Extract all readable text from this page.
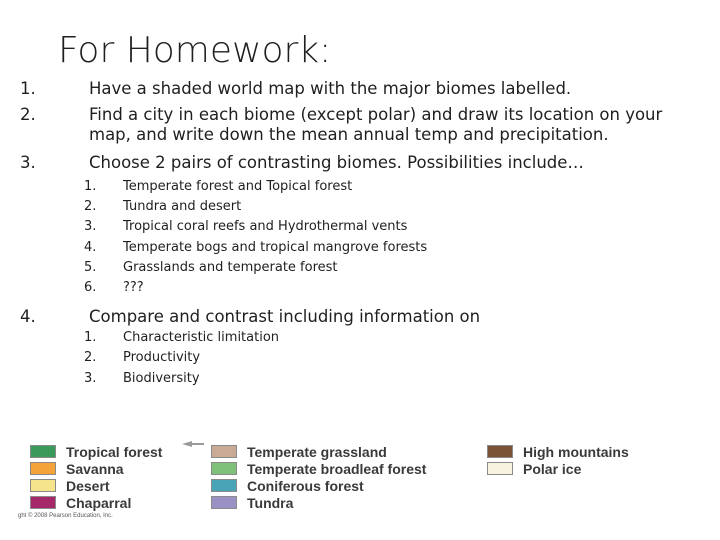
For Homework:
1.	Have a shaded world map with the major biomes labelled.
2.	Find a city in each biome (except polar) and draw its location on your
map, and write down the mean annual temp and precipitation.
3.	Choose 2 pairs of contrasting biomes. Possibilities include…
1. Temperate forest and Topical forest
2. Tundra and desert
3. Tropical coral reefs and Hydrothermal vents
4. Temperate bogs and tropical mangrove forests
5. Grasslands and temperate forest
6. ???
4.	Compare and contrast including information on
1. Characteristic limitation
2. Productivity
3. Biodiversity
Tropical forest
Savanna
Desert
Chaparral
Temperate grassland
Temperate broadleaf forest
Coniferous forest
Tundra
High mountains
Polar ice
ght © 2008 Pearson Education, Inc.
